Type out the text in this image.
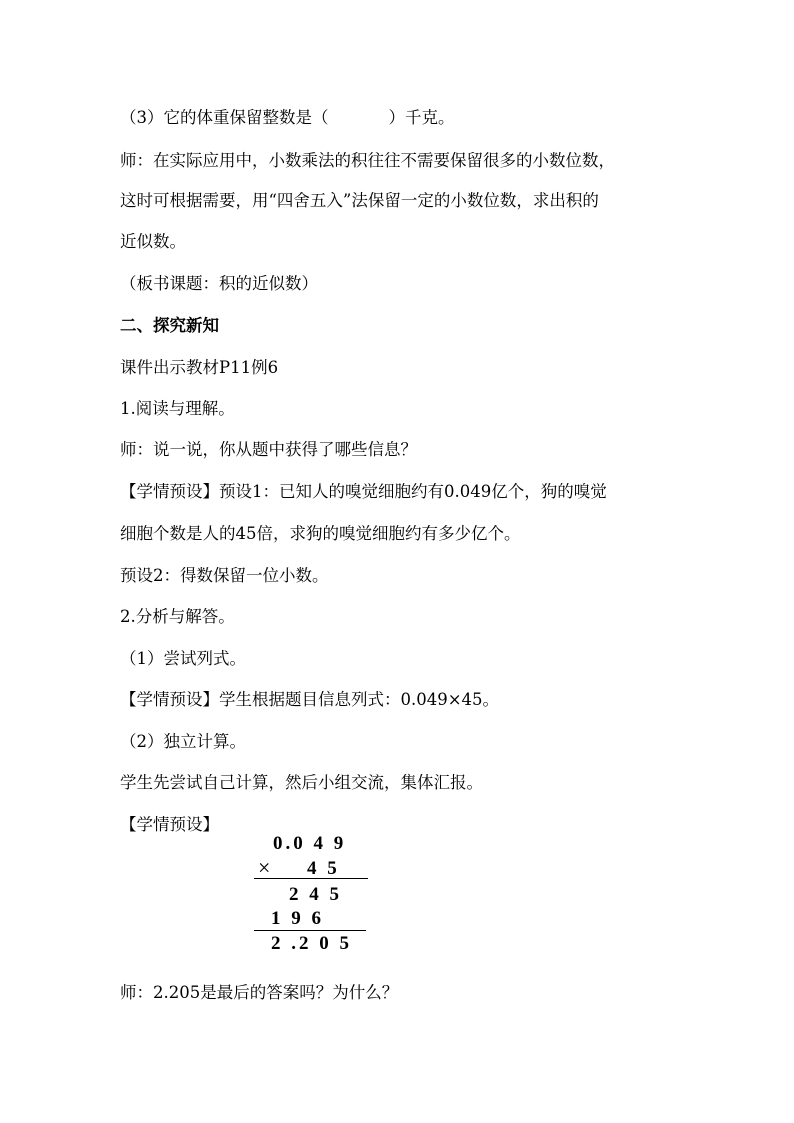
（3）它的体重保留整数是（	）千克。
师：在实际应用中，小数乘法的积往往不需要保留很多的小数位数，
这时可根据需要，用“四舍五入”法保留一定的小数位数，求出积的
近似数。
（板书课题：积的近似数）
二、探究新知
课件出示教材P11例6
1.阅读与理解。
师：说一说，你从题中获得了哪些信息？
【学情预设】预设1：已知人的嗅觉细胞约有0.049亿个，狗的嗅觉
细胞个数是人的45倍，求狗的嗅觉细胞约有多少亿个。
预设2：得数保留一位小数。
2.分析与解答。
（1）尝试列式。
【学情预设】学生根据题目信息列式：0.049×45。
（2）独立计算。
学生先尝试自己计算，然后小组交流，集体汇报。
【学情预设】
0.0 4 9
× 4 5
2 4 5
1 9 6
2 .2 0 5
师：2.205是最后的答案吗？为什么？
